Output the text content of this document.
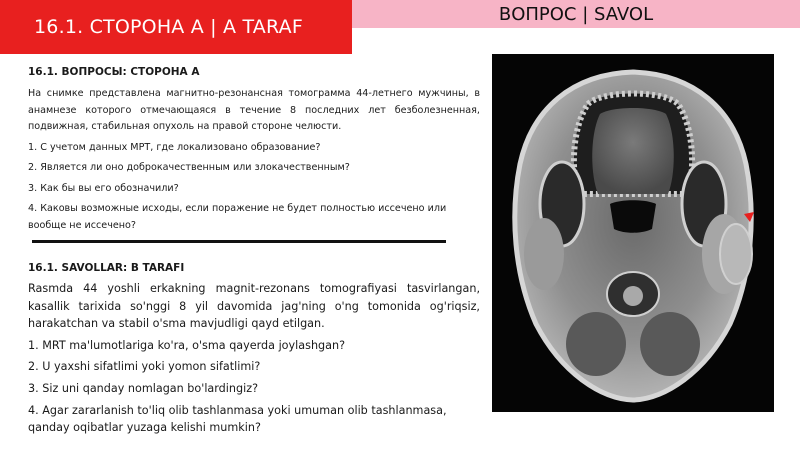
16.1. СТОРОНА А | A TARAF
ВОПРОС | SAVOL

16.1. ВОПРОСЫ: СТОРОНА А

На снимке представлена магнитно-резонансная томограмма 44-летнего мужчины, в анамнезе которого отмечающаяся в течение 8 последних лет безболезненная, подвижная, стабильная опухоль на правой стороне челюсти.

1. С учетом данных МРТ, где локализовано образование?

2. Является ли оно доброкачественным или злокачественным?

3. Как бы вы его обозначили?

4. Каковы возможные исходы, если поражение не будет полностью иссечено или вообще не иссечено?

16.1. SAVOLLAR: B TARAFI

Rasmda 44 yoshli erkakning magnit-rezonans tomografiyasi tasvirlangan, kasallik tarixida so'nggi 8 yil davomida jag'ning o'ng tomonida og'riqsiz, harakatchan va stabil o'sma mavjudligi qayd etilgan.

1. MRT ma'lumotlariga ko'ra, o'sma qayerda joylashgan?

2. U yaxshi sifatlimi yoki yomon sifatlimi?

3. Siz uni qanday nomlagan bo'lardingiz?

4. Agar zararlanish to'liq olib tashlanmasa yoki umuman olib tashlanmasa, qanday oqibatlar yuzaga kelishi mumkin?
